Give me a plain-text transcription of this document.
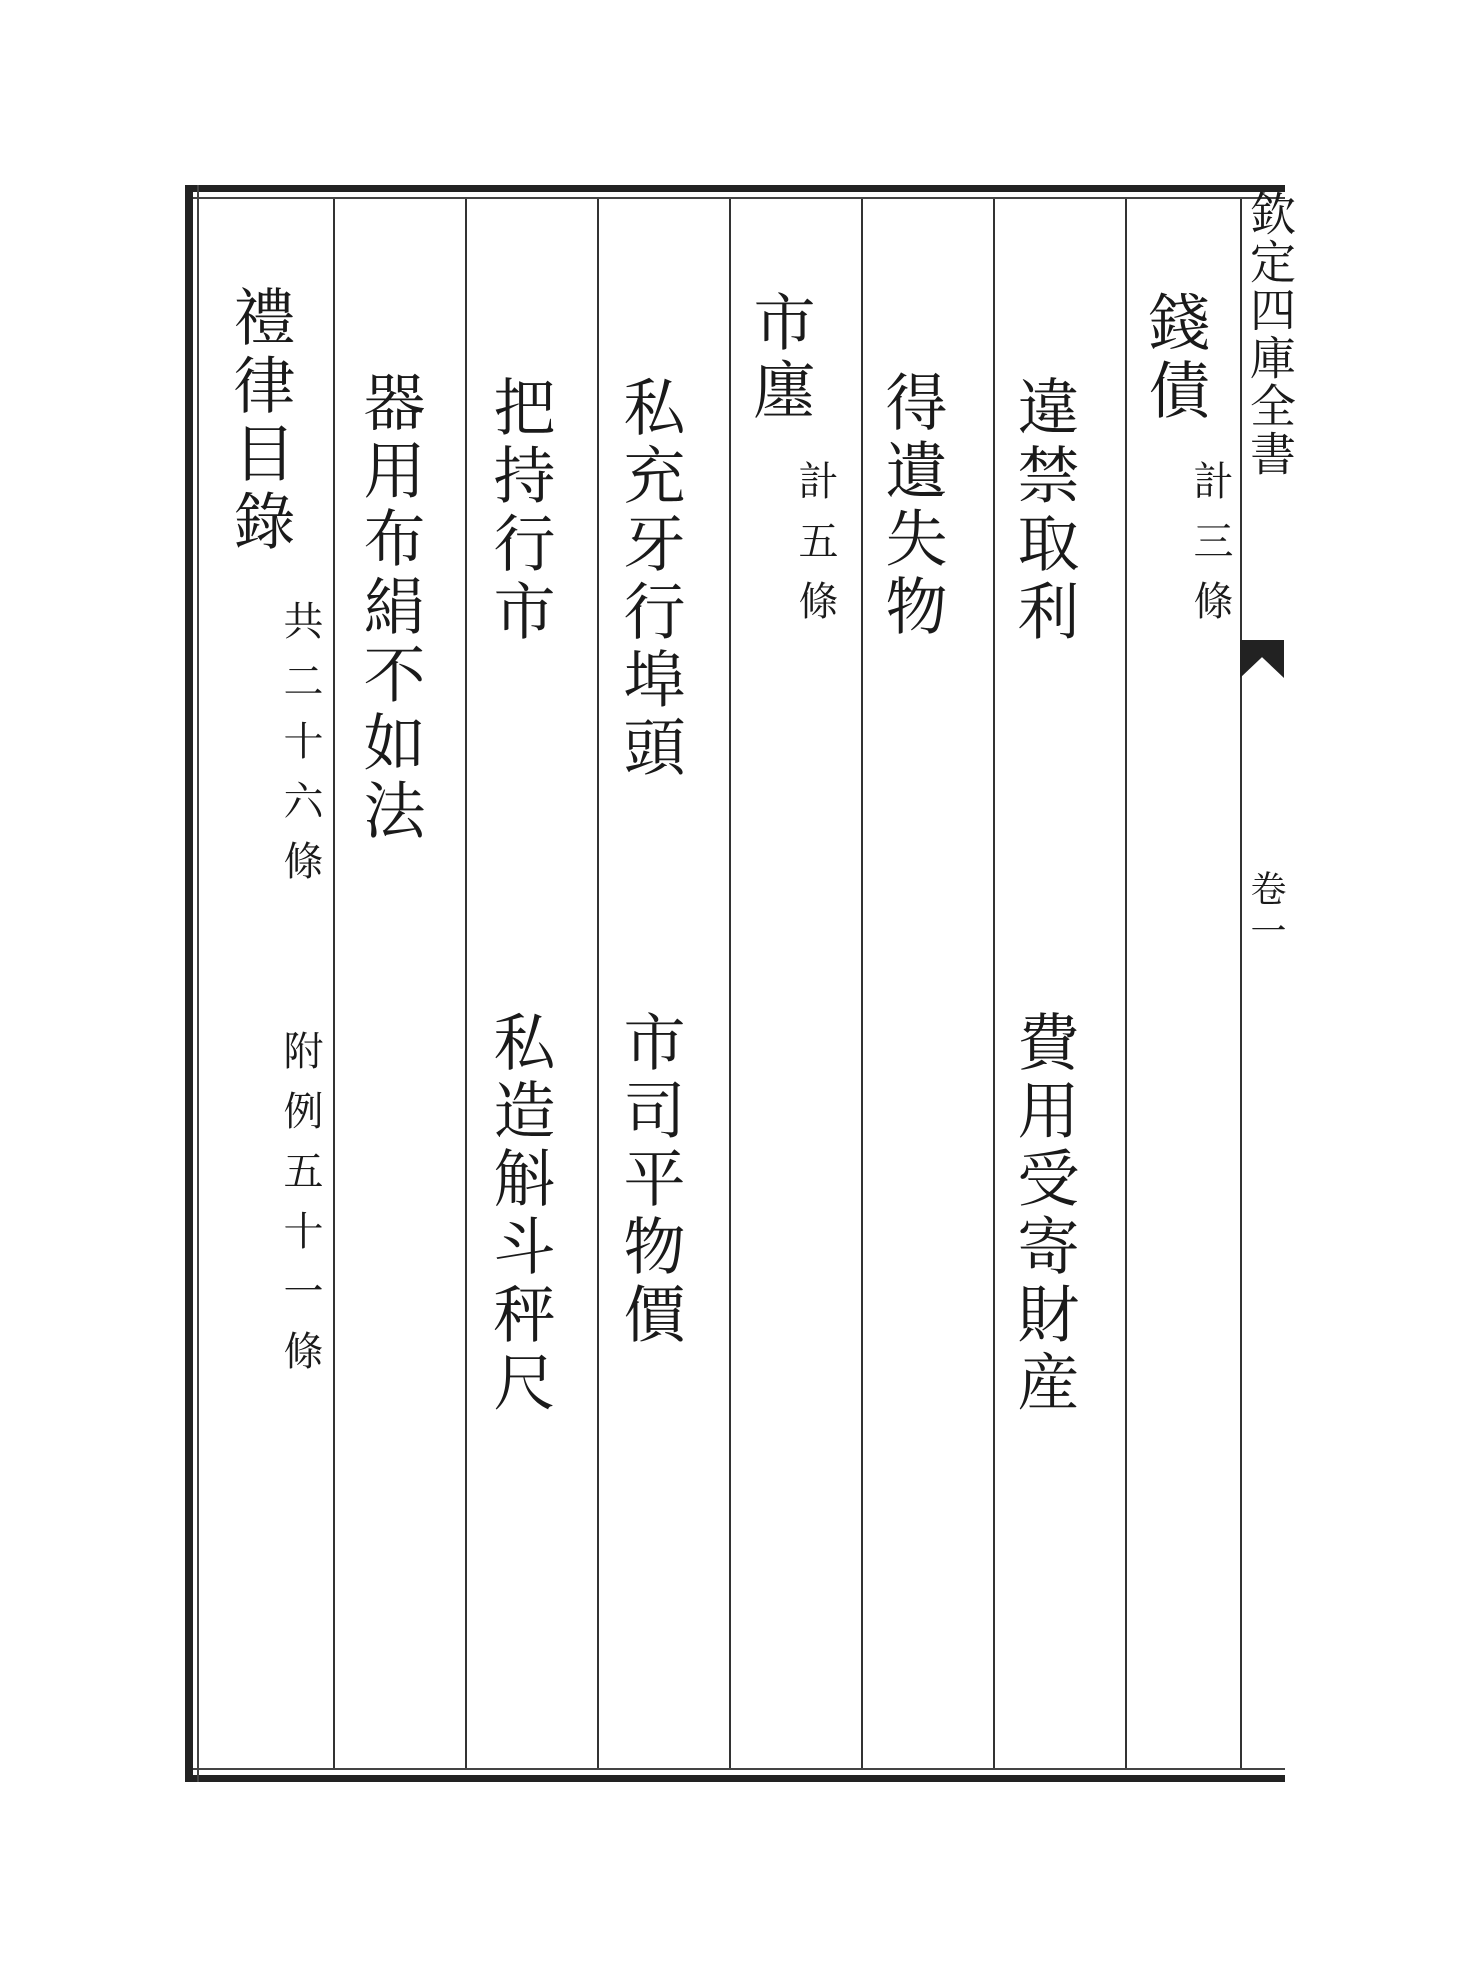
欽定四庫全書
卷一
錢債
計三條
違禁取利
費用受寄財産
得遺失物
市廛
計五條
私充牙行埠頭
市司平物價
把持行市
私造斛斗秤尺
器用布絹不如法
禮律目錄
共二十六條
附例五十一條
